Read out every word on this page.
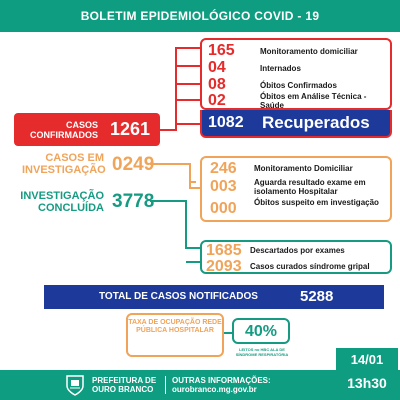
BOLETIM EPIDEMIOLÓGICO COVID - 19
165	Monitoramento domiciliar
04	Internados
08	Óbitos Confirmados
02	Óbitos em Análise Técnica - Saúde
1082 Recuperados
CASOS CONFIRMADOS 1261
CASOS EM INVESTIGAÇÃO 0249	246 Monitoramento Domiciliar
003 Aguarda resultado exame em isolamento Hospitalar
000 Óbitos suspeito em investigação
INVESTIGAÇÃO CONCLUÍDA 3778
1685 Descartados por exames
2093 Casos curados síndrome gripal
TOTAL DE CASOS NOTIFICADOS	5288
TAXA DE OCUPAÇÃO REDE PÚBLICA HOSPITALAR	40%
LEITOS no HBC ALA DE SÍNDROME RESPIRATÓRIA	14/01
PREFEITURA DE OURO BRANCO
OUTRAS INFORMAÇÕES:
ourobranco.mg.gov.br	13h30
